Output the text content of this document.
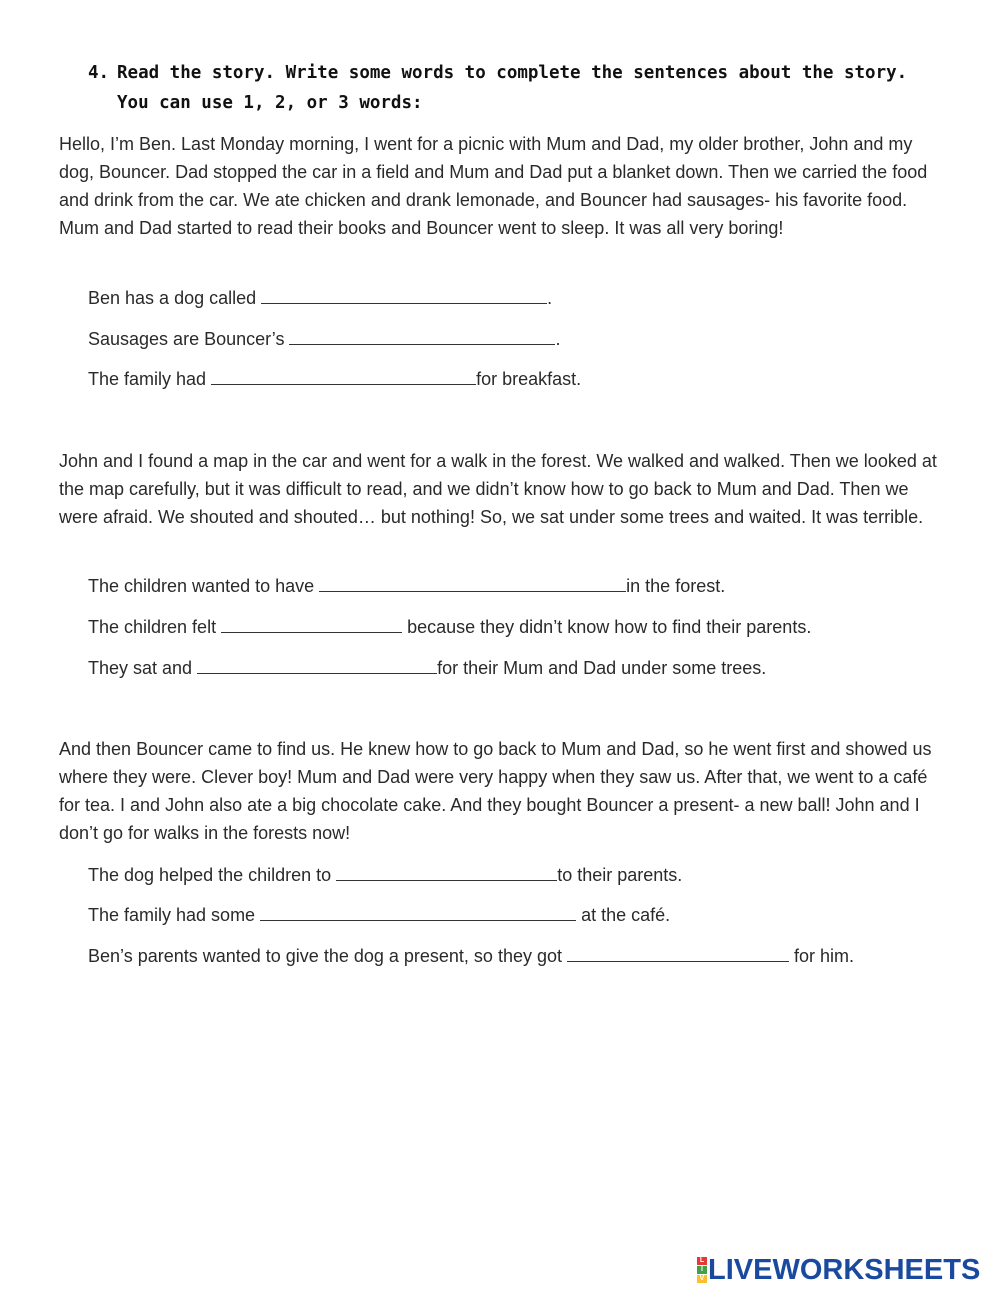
4. Read the story. Write some words to complete the sentences about the story. You can use 1, 2, or 3 words:

Hello, I’m Ben. Last Monday morning, I went for a picnic with Mum and Dad, my older brother, John and my dog, Bouncer. Dad stopped the car in a field and Mum and Dad put a blanket down. Then we carried the food and drink from the car. We ate chicken and drank lemonade, and Bouncer had sausages- his favorite food. Mum and Dad started to read their books and Bouncer went to sleep. It was all very boring!

Ben has a dog called	.
Sausages are Bouncer’s	.
The family had	for breakfast.

John and I found a map in the car and went for a walk in the forest. We walked and walked. Then we looked at the map carefully, but it was difficult to read, and we didn’t know how to go back to Mum and Dad. Then we were afraid. We shouted and shouted… but nothing! So, we sat under some trees and waited. It was terrible.

The children wanted to have	in the forest.
The children felt	because they didn’t know how to find their parents.
They sat and	for their Mum and Dad under some trees.

And then Bouncer came to find us. He knew how to go back to Mum and Dad, so he went first and showed us where they were. Clever boy! Mum and Dad were very happy when they saw us. After that, we went to a café for tea. I and John also ate a big chocolate cake. And they bought Bouncer a present- a new ball! John and I don’t go for walks in the forests now!

The dog helped the children to	to their parents.
The family had some	at the café.
Ben’s parents wanted to give the dog a present, so they got	for him.
L
I
V LIVEWORKSHEETS
